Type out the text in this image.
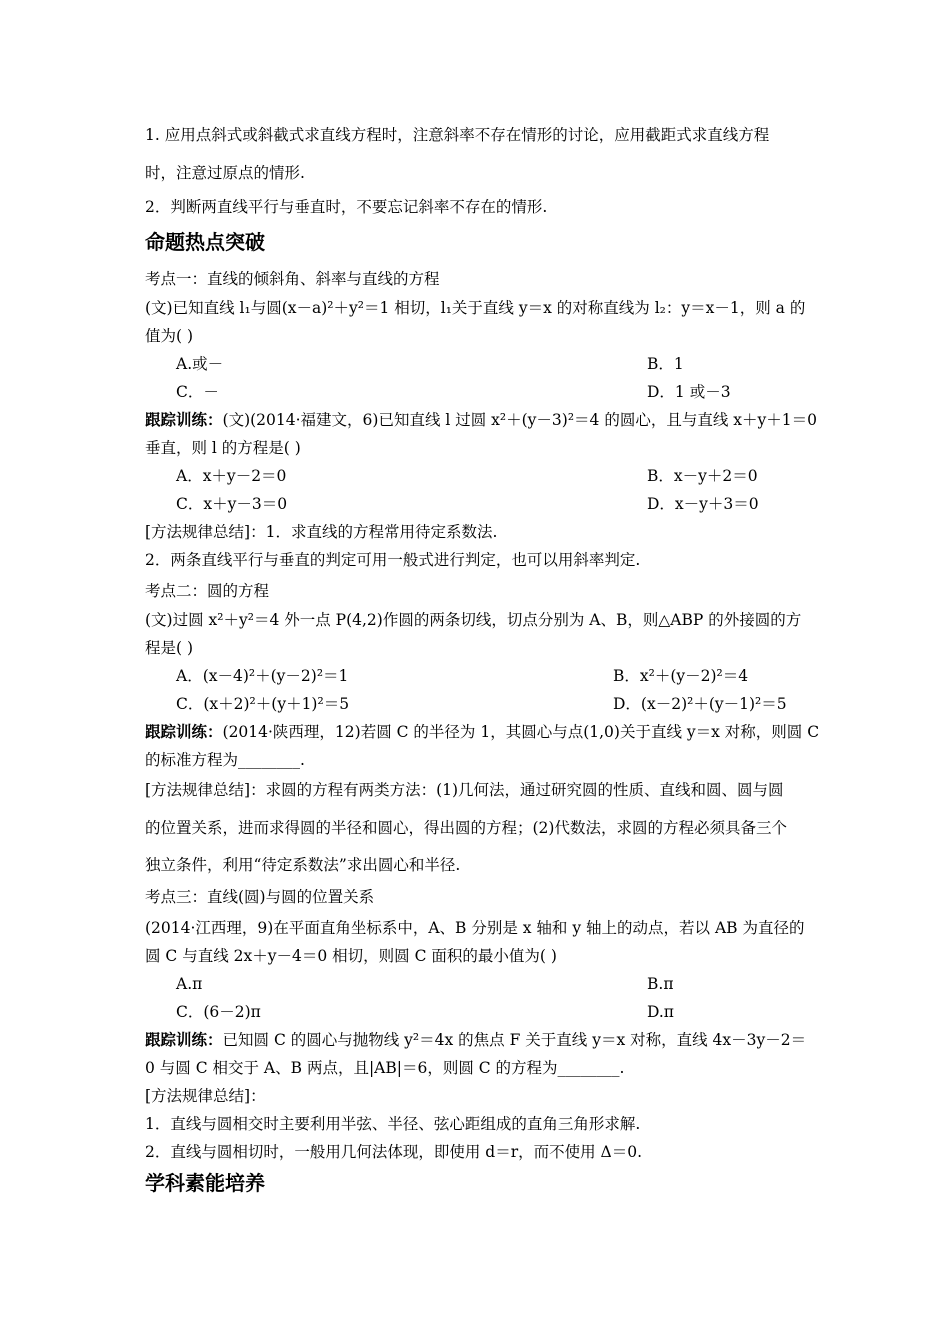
1. 应用点斜式或斜截式求直线方程时，注意斜率不存在情形的讨论，应用截距式求直线方程
时，注意过原点的情形.
2．判断两直线平行与垂直时，不要忘记斜率不存在的情形.
命题热点突破
考点一：直线的倾斜角、斜率与直线的方程
(文)已知直线 l₁与圆(x－a)²＋y²＝1 相切，l₁关于直线 y＝x 的对称直线为 l₂：y＝x－1，则 a 的
值为( )
A.或－	B．1
C．－	D．1 或－3
跟踪训练：(文)(2014·福建文，6)已知直线 l 过圆 x²＋(y－3)²＝4 的圆心，且与直线 x＋y＋1＝0
垂直，则 l 的方程是( )
A．x＋y－2＝0	B．x－y＋2＝0
C．x＋y－3＝0	D．x－y＋3＝0
[方法规律总结]：1．求直线的方程常用待定系数法.
2．两条直线平行与垂直的判定可用一般式进行判定，也可以用斜率判定.
考点二：圆的方程
(文)过圆 x²＋y²＝4 外一点 P(4,2)作圆的两条切线，切点分别为 A、B，则△ABP 的外接圆的方
程是( )
A．(x－4)²＋(y－2)²＝1	B．x²＋(y－2)²＝4
C．(x＋2)²＋(y＋1)²＝5	D．(x－2)²＋(y－1)²＝5
跟踪训练：(2014·陕西理，12)若圆 C 的半径为 1，其圆心与点(1,0)关于直线 y＝x 对称，则圆 C
的标准方程为________.
[方法规律总结]：求圆的方程有两类方法：(1)几何法，通过研究圆的性质、直线和圆、圆与圆
的位置关系，进而求得圆的半径和圆心，得出圆的方程；(2)代数法，求圆的方程必须具备三个
独立条件，利用“待定系数法”求出圆心和半径.
考点三：直线(圆)与圆的位置关系
(2014·江西理，9)在平面直角坐标系中，A、B 分别是 x 轴和 y 轴上的动点，若以 AB 为直径的
圆 C 与直线 2x＋y－4＝0 相切，则圆 C 面积的最小值为( )
A.π	B.π
C．(6－2)π	D.π
跟踪训练：已知圆 C 的圆心与抛物线 y²＝4x 的焦点 F 关于直线 y＝x 对称，直线 4x－3y－2＝
0 与圆 C 相交于 A、B 两点，且|AB|＝6，则圆 C 的方程为________.
[方法规律总结]：
1．直线与圆相交时主要利用半弦、半径、弦心距组成的直角三角形求解.
2．直线与圆相切时，一般用几何法体现，即使用 d＝r，而不使用 Δ＝0.
学科素能培养
